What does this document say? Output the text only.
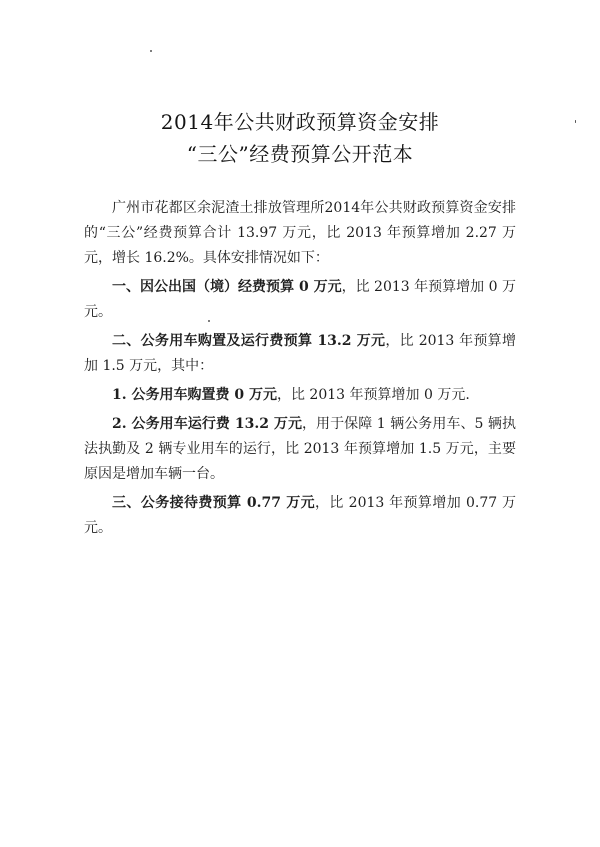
2014年公共财政预算资金安排
“三公”经费预算公开范本

广州市花都区余泥渣土排放管理所2014年公共财政预算资金安排的“三公”经费预算合计 13.97 万元，比 2013 年预算增加 2.27 万元，增长 16.2%。具体安排情况如下：

一、因公出国（境）经费预算 0 万元，比 2013 年预算增加 0 万元。

二、公务用车购置及运行费预算 13.2 万元，比 2013 年预算增加 1.5 万元，其中：

1. 公务用车购置费 0 万元，比 2013 年预算增加 0 万元.

2. 公务用车运行费 13.2 万元，用于保障 1 辆公务用车、5 辆执法执勤及 2 辆专业用车的运行，比 2013 年预算增加 1.5 万元，主要原因是增加车辆一台。

三、公务接待费预算 0.77 万元，比 2013 年预算增加 0.77 万元。
